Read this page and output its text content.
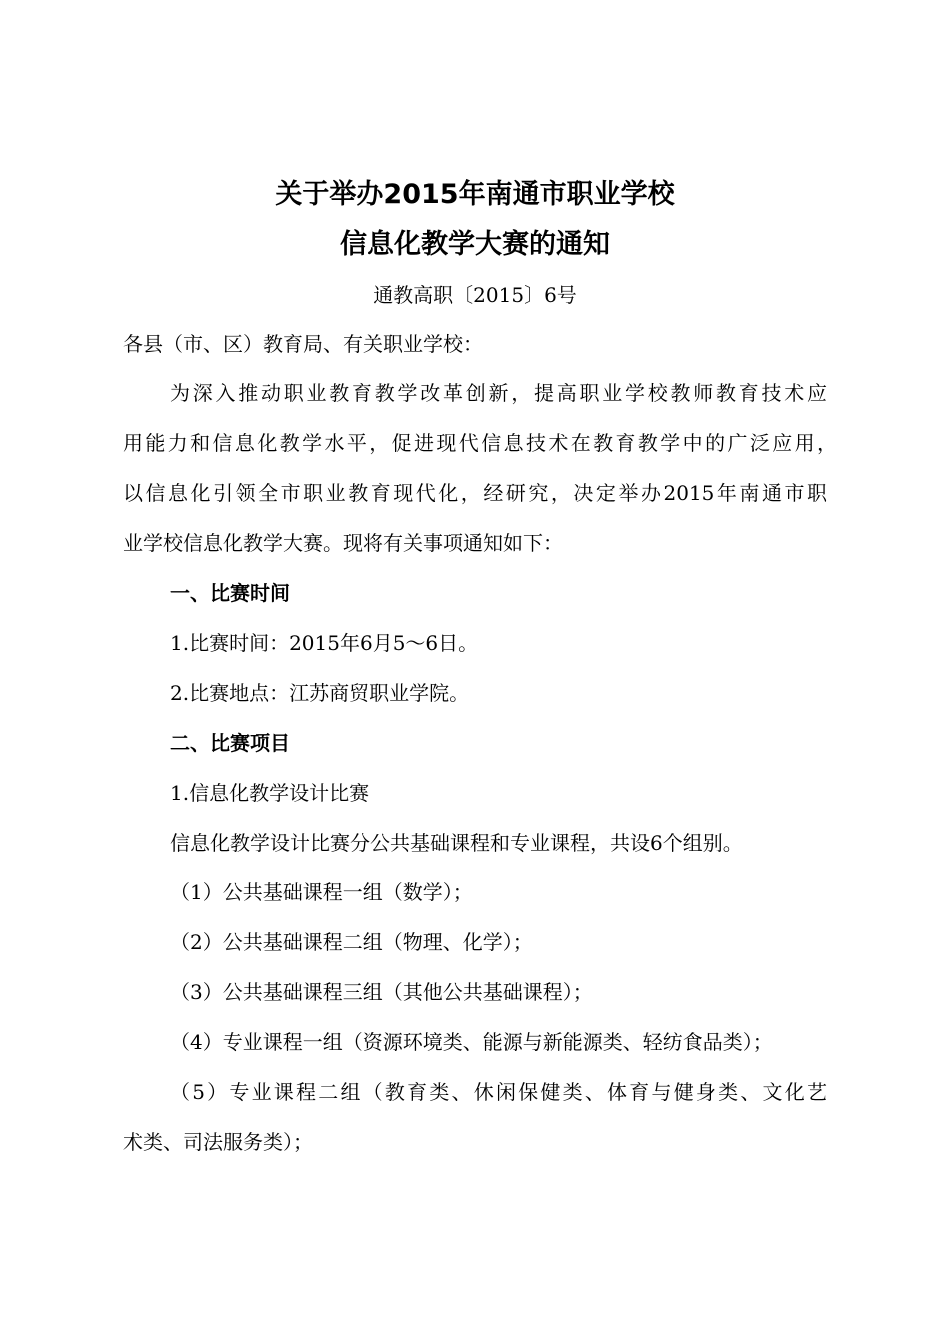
关于举办2015年南通市职业学校
信息化教学大赛的通知
通教高职〔2015〕6号
各县（市、区）教育局、有关职业学校：
为深入推动职业教育教学改革创新，提高职业学校教师教育技术应
用能力和信息化教学水平，促进现代信息技术在教育教学中的广泛应用，
以信息化引领全市职业教育现代化，经研究，决定举办2015年南通市职
业学校信息化教学大赛。现将有关事项通知如下：
一、比赛时间
1.比赛时间：2015年6月5～6日。
2.比赛地点：江苏商贸职业学院。
二、比赛项目
1.信息化教学设计比赛
信息化教学设计比赛分公共基础课程和专业课程，共设6个组别。
（1）公共基础课程一组（数学）；
（2）公共基础课程二组（物理、化学）；
（3）公共基础课程三组（其他公共基础课程）；
（4）专业课程一组（资源环境类、能源与新能源类、轻纺食品类）；
（5）专业课程二组（教育类、休闲保健类、体育与健身类、文化艺
术类、司法服务类）；
